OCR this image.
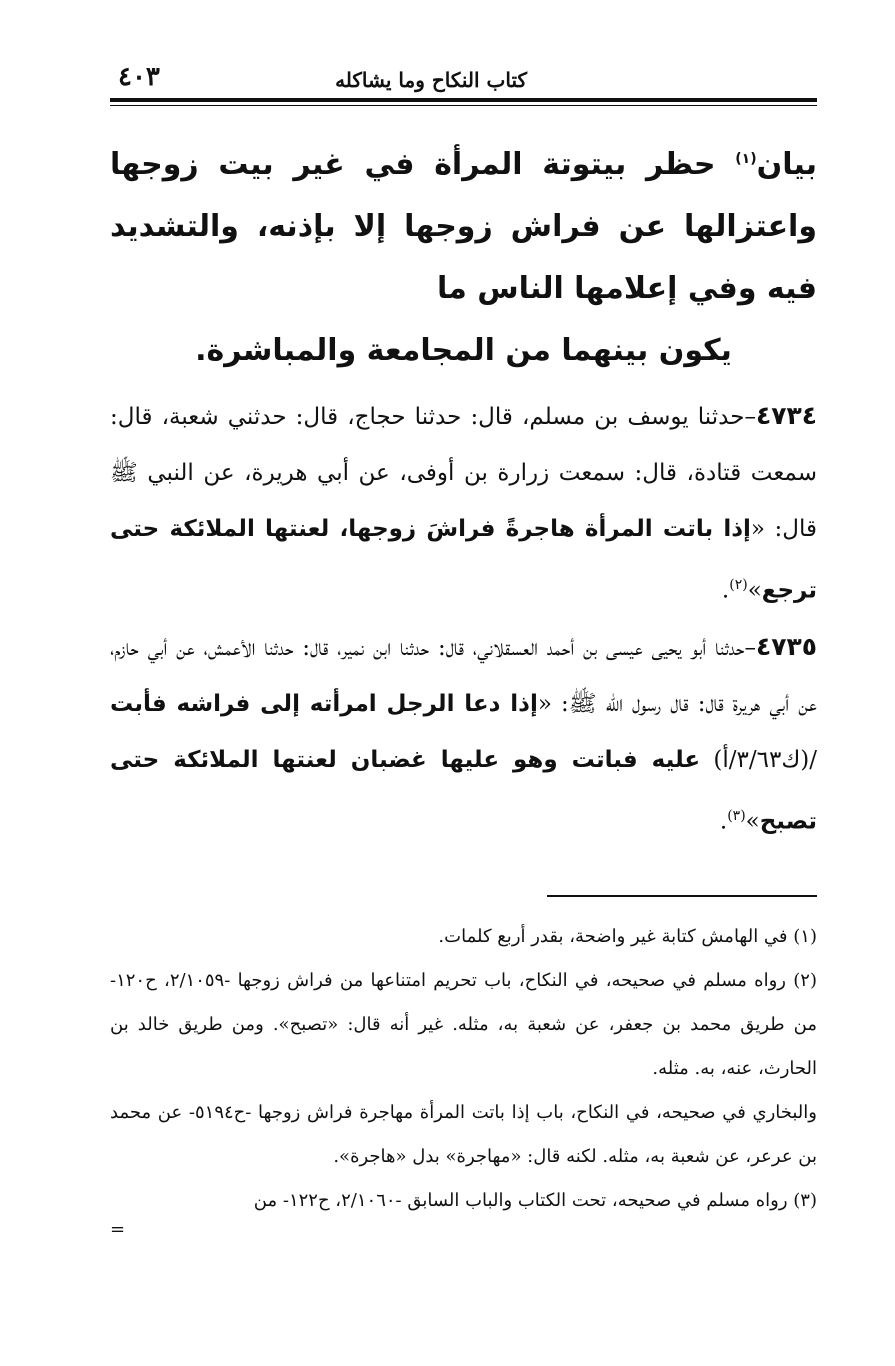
كتاب النكاح وما يشاكله
٤٠٣
بيان$^{(١)}$ حظر بيتوتة المرأة في غير بيت زوجها واعتزالها عن فراش زوجها إلا بإذنه، والتشديد فيه وفي إعلامها الناس ما
يكون بينهما من المجامعة والمباشرة.

٤٧٣٤–حدثنا يوسف بن مسلم، قال: حدثنا حجاج، قال: حدثني شعبة، قال: سمعت قتادة، قال: سمعت زرارة بن أوفى، عن أبي هريرة، عن النبي ﷺ قال: «إذا باتت المرأة هاجرةً فراشَ زوجها، لعنتها الملائكة حتى ترجع»$^{(٢)}$.

٤٧٣٥–حدثنا أبو يحيى عيسى بن أحمد العسقلاني، قال: حدثنا ابن نمير، قال: حدثنا الأعمش، عن أبي حازم، عن أبي هريرة قال: قال رسول الله ﷺ: «إذا دعا الرجل امرأته إلى فراشه فأبت /(ك٣/٦٣/أ) عليه فباتت وهو عليها غضبان لعنتها الملائكة حتى تصبح»$^{(٣)}$.

(١) في الهامش كتابة غير واضحة، بقدر أربع كلمات.

(٢) رواه مسلم في صحيحه، في النكاح، باب تحريم امتناعها من فراش زوجها -٢/١٠٥٩، ح١٢٠- من طريق محمد بن جعفر، عن شعبة به، مثله. غير أنه قال: «تصبح». ومن طريق خالد بن الحارث، عنه، به. مثله.

والبخاري في صحيحه، في النكاح، باب إذا باتت المرأة مهاجرة فراش زوجها -ح٥١٩٤- عن محمد بن عرعر، عن شعبة به، مثله. لكنه قال: «مهاجرة» بدل «هاجرة».

(٣) رواه مسلم في صحيحه، تحت الكتاب والباب السابق -٢/١٠٦٠، ح١٢٢- من

=
